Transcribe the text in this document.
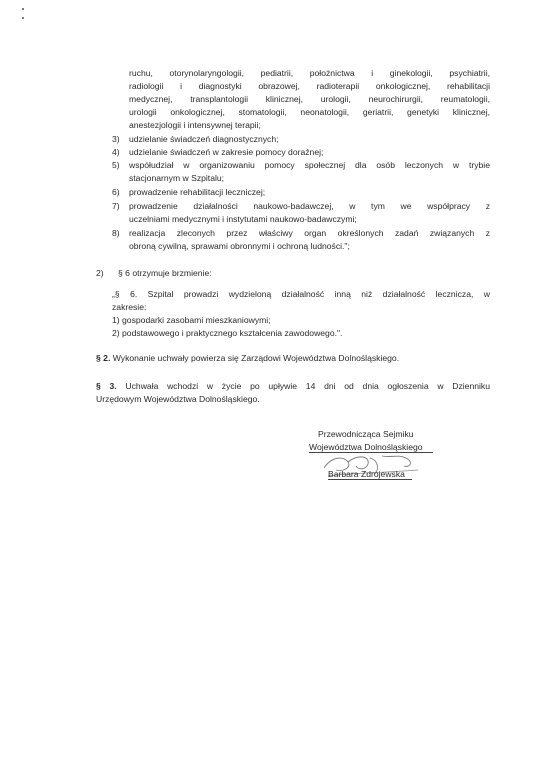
ruchu, otorynolaryngologii, pediatrii, położnictwa i ginekologii, psychiatrii,

radiologii i diagnostyki obrazowej, radioterapii onkologicznej, rehabilitacji

medycznej, transplantologii klinicznej, urologii, neurochirurgii, reumatologii,

urologii onkologicznej, stomatologii, neonatologii, geriatrii, genetyki klinicznej,

anestezjologii i intensywnej terapii;

3)	udzielanie świadczeń diagnostycznych;
4)	udzielanie świadczeń w zakresie pomocy doraźnej;
5)	współudział w organizowaniu pomocy społecznej dla osób leczonych w trybie
stacjonarnym w Szpitalu;
6)	prowadzenie rehabilitacji leczniczej;
7)	prowadzenie działalności naukowo-badawczej, w tym we współpracy z
uczelniami medycznymi i instytutami naukowo-badawczymi;
8)	realizacja zleconych przez właściwy organ określonych zadań związanych z
obroną cywilną, sprawami obronnymi i ochroną ludności.";
2) § 6 otrzymuje brzmienie:

„§ 6. Szpital prowadzi wydzieloną działalność inną niż działalność lecznicza, w

zakresie:

1) gospodarki zasobami mieszkaniowymi;

2) podstawowego i praktycznego kształcenia zawodowego.".

§ 2. Wykonanie uchwały powierza się Zarządowi Województwa Dolnośląskiego.

§ 3. Uchwała wchodzi w życie po upływie 14 dni od dnia ogłoszenia w Dzienniku

Urzędowym Województwa Dolnośląskiego.

Przewodnicząca Sejmiku

Województwa Dolnośląskiego

Barbara Zdrojewska
